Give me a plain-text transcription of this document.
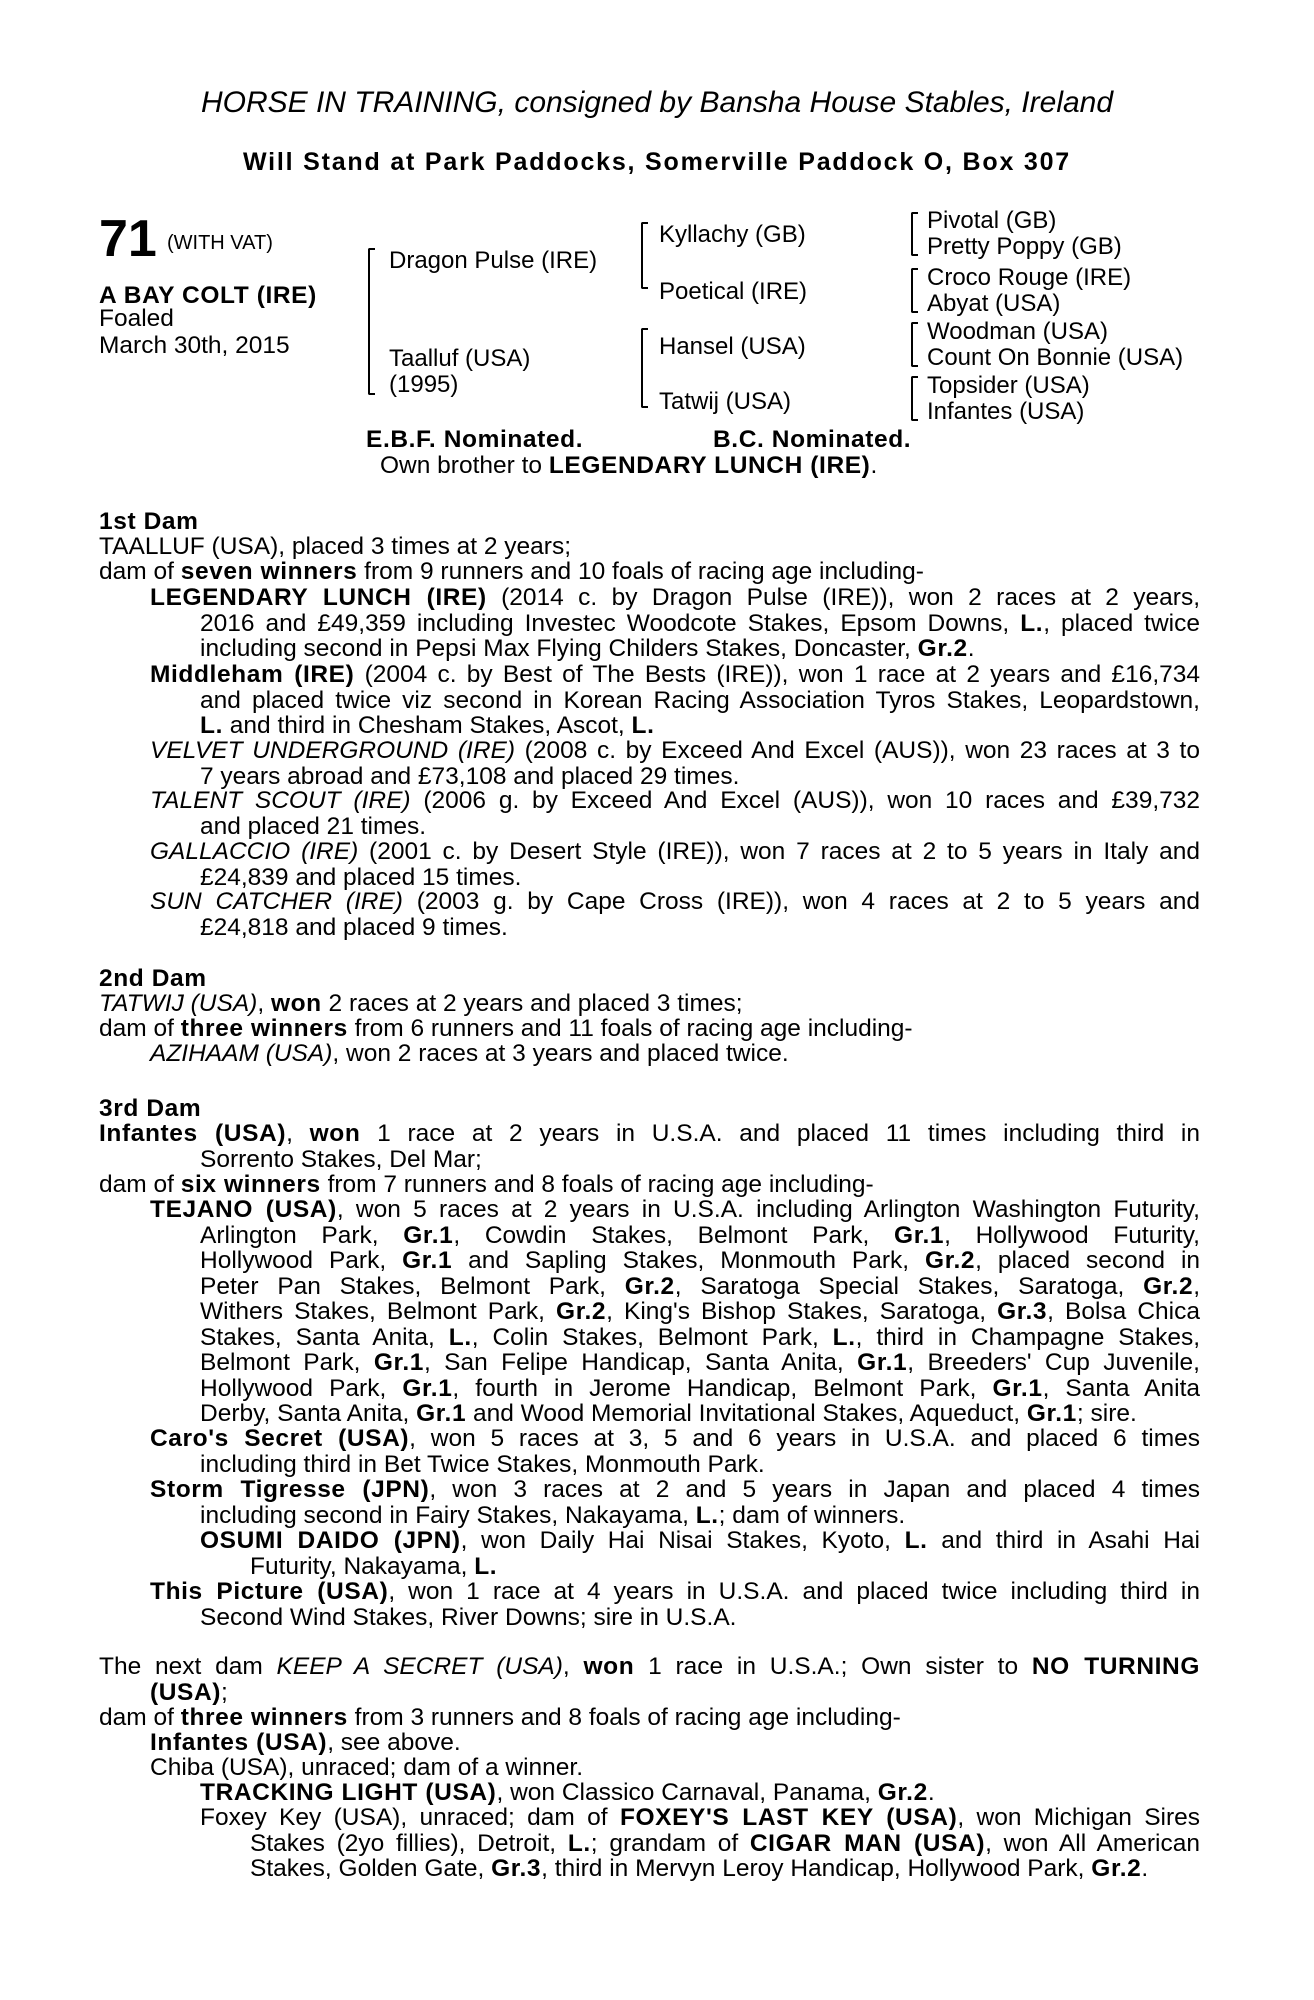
HORSE IN TRAINING, consigned by Bansha House Stables, Ireland
Will Stand at Park Paddocks, Somerville Paddock O, Box 307
71 (WITH VAT)
A BAY COLT (IRE)
Foaled
March 30th, 2015
Dragon Pulse (IRE)
Taalluf (USA)
(1995)
Kyllachy (GB)
Poetical (IRE)
Hansel (USA)
Tatwij (USA)
Pivotal (GB)
Pretty Poppy (GB)
Croco Rouge (IRE)
Abyat (USA)
Woodman (USA)
Count On Bonnie (USA)
Topsider (USA)
Infantes (USA)
E.B.F. Nominated.	B.C. Nominated.
Own brother to LEGENDARY LUNCH (IRE).
1st Dam
TAALLUF (USA), placed 3 times at 2 years;
dam of seven winners from 9 runners and 10 foals of racing age including-
LEGENDARY LUNCH (IRE) (2014 c. by Dragon Pulse (IRE)), won 2 races at 2 years,
2016 and £49,359 including Investec Woodcote Stakes, Epsom Downs, L., placed twice
including second in Pepsi Max Flying Childers Stakes, Doncaster, Gr.2.
Middleham (IRE) (2004 c. by Best of The Bests (IRE)), won 1 race at 2 years and £16,734
and placed twice viz second in Korean Racing Association Tyros Stakes, Leopardstown,
L. and third in Chesham Stakes, Ascot, L.
VELVET UNDERGROUND (IRE) (2008 c. by Exceed And Excel (AUS)), won 23 races at 3 to
7 years abroad and £73,108 and placed 29 times.
TALENT SCOUT (IRE) (2006 g. by Exceed And Excel (AUS)), won 10 races and £39,732
and placed 21 times.
GALLACCIO (IRE) (2001 c. by Desert Style (IRE)), won 7 races at 2 to 5 years in Italy and
£24,839 and placed 15 times.
SUN CATCHER (IRE) (2003 g. by Cape Cross (IRE)), won 4 races at 2 to 5 years and
£24,818 and placed 9 times.
2nd Dam
TATWIJ (USA), won 2 races at 2 years and placed 3 times;
dam of three winners from 6 runners and 11 foals of racing age including-
AZIHAAM (USA), won 2 races at 3 years and placed twice.
3rd Dam
Infantes (USA), won 1 race at 2 years in U.S.A. and placed 11 times including third in
Sorrento Stakes, Del Mar;
dam of six winners from 7 runners and 8 foals of racing age including-
TEJANO (USA), won 5 races at 2 years in U.S.A. including Arlington Washington Futurity,
Arlington Park, Gr.1, Cowdin Stakes, Belmont Park, Gr.1, Hollywood Futurity,
Hollywood Park, Gr.1 and Sapling Stakes, Monmouth Park, Gr.2, placed second in
Peter Pan Stakes, Belmont Park, Gr.2, Saratoga Special Stakes, Saratoga, Gr.2,
Withers Stakes, Belmont Park, Gr.2, King's Bishop Stakes, Saratoga, Gr.3, Bolsa Chica
Stakes, Santa Anita, L., Colin Stakes, Belmont Park, L., third in Champagne Stakes,
Belmont Park, Gr.1, San Felipe Handicap, Santa Anita, Gr.1, Breeders' Cup Juvenile,
Hollywood Park, Gr.1, fourth in Jerome Handicap, Belmont Park, Gr.1, Santa Anita
Derby, Santa Anita, Gr.1 and Wood Memorial Invitational Stakes, Aqueduct, Gr.1; sire.
Caro's Secret (USA), won 5 races at 3, 5 and 6 years in U.S.A. and placed 6 times
including third in Bet Twice Stakes, Monmouth Park.
Storm Tigresse (JPN), won 3 races at 2 and 5 years in Japan and placed 4 times
including second in Fairy Stakes, Nakayama, L.; dam of winners.
OSUMI DAIDO (JPN), won Daily Hai Nisai Stakes, Kyoto, L. and third in Asahi Hai
Futurity, Nakayama, L.
This Picture (USA), won 1 race at 4 years in U.S.A. and placed twice including third in
Second Wind Stakes, River Downs; sire in U.S.A.
The next dam KEEP A SECRET (USA), won 1 race in U.S.A.; Own sister to NO TURNING
(USA);
dam of three winners from 3 runners and 8 foals of racing age including-
Infantes (USA), see above.
Chiba (USA), unraced; dam of a winner.
TRACKING LIGHT (USA), won Classico Carnaval, Panama, Gr.2.
Foxey Key (USA), unraced; dam of FOXEY'S LAST KEY (USA), won Michigan Sires
Stakes (2yo fillies), Detroit, L.; grandam of CIGAR MAN (USA), won All American
Stakes, Golden Gate, Gr.3, third in Mervyn Leroy Handicap, Hollywood Park, Gr.2.
